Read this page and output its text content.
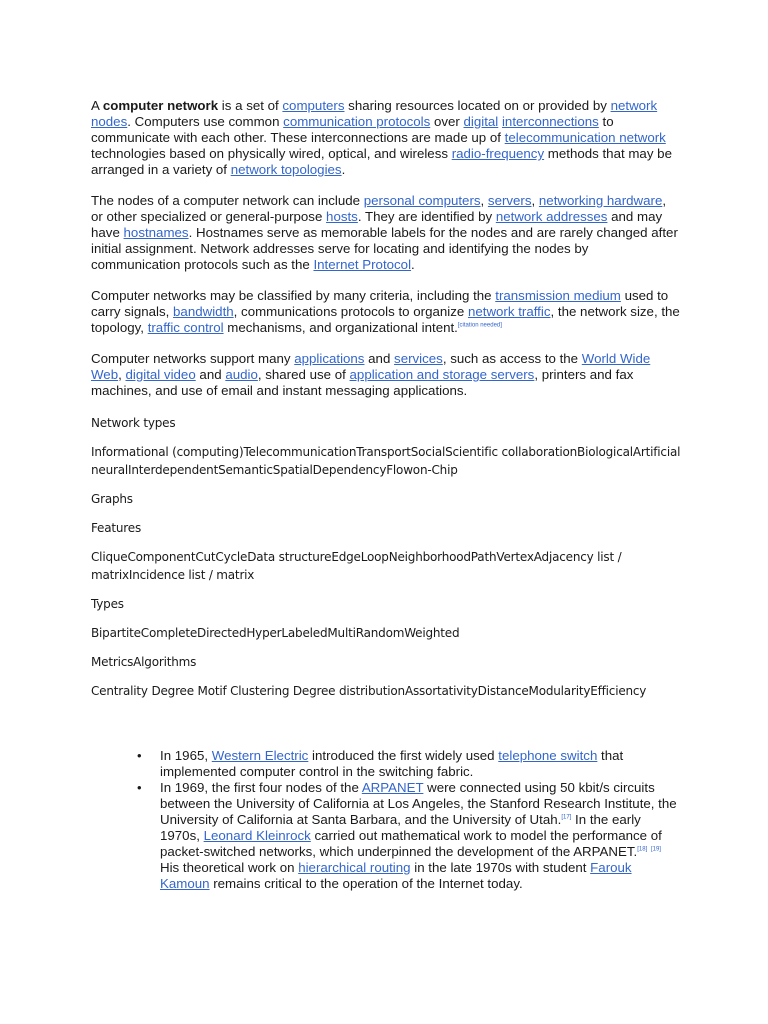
A computer network is a set of computers sharing resources located on or provided by network nodes. Computers use common communication protocols over digital interconnections to communicate with each other. These interconnections are made up of telecommunication network technologies based on physically wired, optical, and wireless radio-frequency methods that may be arranged in a variety of network topologies.

The nodes of a computer network can include personal computers, servers, networking hardware, or other specialized or general-purpose hosts. They are identified by network addresses and may have hostnames. Hostnames serve as memorable labels for the nodes and are rarely changed after initial assignment. Network addresses serve for locating and identifying the nodes by communication protocols such as the Internet Protocol.

Computer networks may be classified by many criteria, including the transmission medium used to carry signals, bandwidth, communications protocols to organize network traffic, the network size, the topology, traffic control mechanisms, and organizational intent.[citation needed]

Computer networks support many applications and services, such as access to the World Wide Web, digital video and audio, shared use of application and storage servers, printers and fax machines, and use of email and instant messaging applications.

Network types
Informational (computing)TelecommunicationTransportSocialScientific collaborationBiologicalArtificial neuralInterdependentSemanticSpatialDependencyFlowon-Chip
Graphs
Features
CliqueComponentCutCycleData structureEdgeLoopNeighborhoodPathVertexAdjacency list / matrixIncidence list / matrix
Types
BipartiteCompleteDirectedHyperLabeledMultiRandomWeighted
MetricsAlgorithms
Centrality Degree Motif Clustering Degree distributionAssortativityDistanceModularityEfficiency
• In 1965, Western Electric introduced the first widely used telephone switch that implemented computer control in the switching fabric.
• In 1969, the first four nodes of the ARPANET were connected using 50 kbit/s circuits between the University of California at Los Angeles, the Stanford Research Institute, the University of California at Santa Barbara, and the University of Utah.[17] In the early 1970s, Leonard Kleinrock carried out mathematical work to model the performance of packet-switched networks, which underpinned the development of the ARPANET.[18] [19] His theoretical work on hierarchical routing in the late 1970s with student Farouk Kamoun remains critical to the operation of the Internet today.
